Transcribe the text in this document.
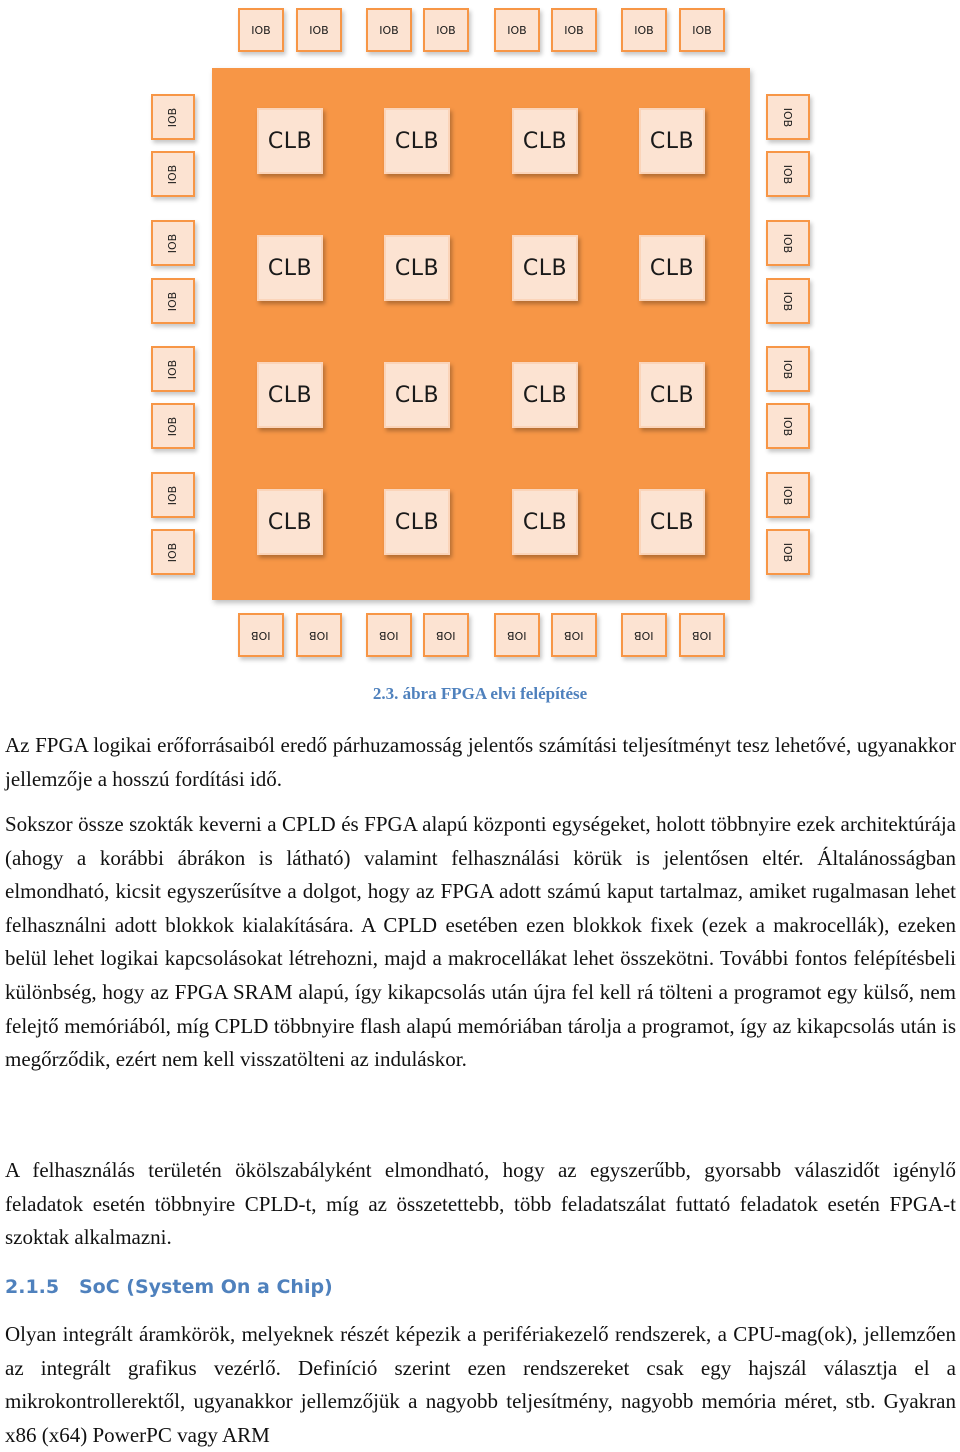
CLB	CLB	CLB	CLB
CLB	CLB	CLB	CLB
CLB	CLB	CLB	CLB
CLB	CLB	CLB	CLB
IOB	IOB	IOB	IOB	IOB	IOB	IOB	IOB
IOB	IOB	IOB	IOB	IOB	IOB	IOB	IOB
IOB
IOB
IOB
IOB
IOB
IOB
IOB
IOB
IOB
IOB
IOB
IOB
IOB
IOB
IOB
IOB
2.3. ábra FPGA elvi felépítése

Az FPGA logikai erőforrásaiból eredő párhuzamosság jelentős számítási teljesítményt tesz lehetővé, ugyanakkor jellemzője a hosszú fordítási idő.

Sokszor össze szokták keverni a CPLD és FPGA alapú központi egységeket, holott többnyire ezek architektúrája (ahogy a korábbi ábrákon is látható) valamint felhasználási körük is jelentősen eltér. Általánosságban elmondható, kicsit egyszerűsítve a dolgot, hogy az FPGA adott számú kaput tartalmaz, amiket rugalmasan lehet felhasználni adott blokkok kialakítására. A CPLD esetében ezen blokkok fixek (ezek a makrocellák), ezeken belül lehet logikai kapcsolásokat létrehozni, majd a makrocellákat lehet összekötni. További fontos felépítésbeli különbség, hogy az FPGA SRAM alapú, így kikapcsolás után újra fel kell rá tölteni a programot egy külső, nem felejtő memóriából, míg CPLD többnyire flash alapú memóriában tárolja a programot, így az kikapcsolás után is megőrződik, ezért nem kell visszatölteni az induláskor.

A felhasználás területén ökölszabályként elmondható, hogy az egyszerűbb, gyorsabb válaszidőt igénylő feladatok esetén többnyire CPLD-t, míg az összetettebb, több feladatszálat futtató feladatok esetén FPGA-t szoktak alkalmazni.

2.1.5 SoC (System On a Chip)

Olyan integrált áramkörök, melyeknek részét képezik a perifériakezelő rendszerek, a CPU-mag(ok), jellemzően az integrált grafikus vezérlő. Definíció szerint ezen rendszereket csak egy hajszál választja el a mikrokontrollerektől, ugyanakkor jellemzőjük a nagyobb teljesítmény, nagyobb memória méret, stb. Gyakran x86 (x64) PowerPC vagy ARM
